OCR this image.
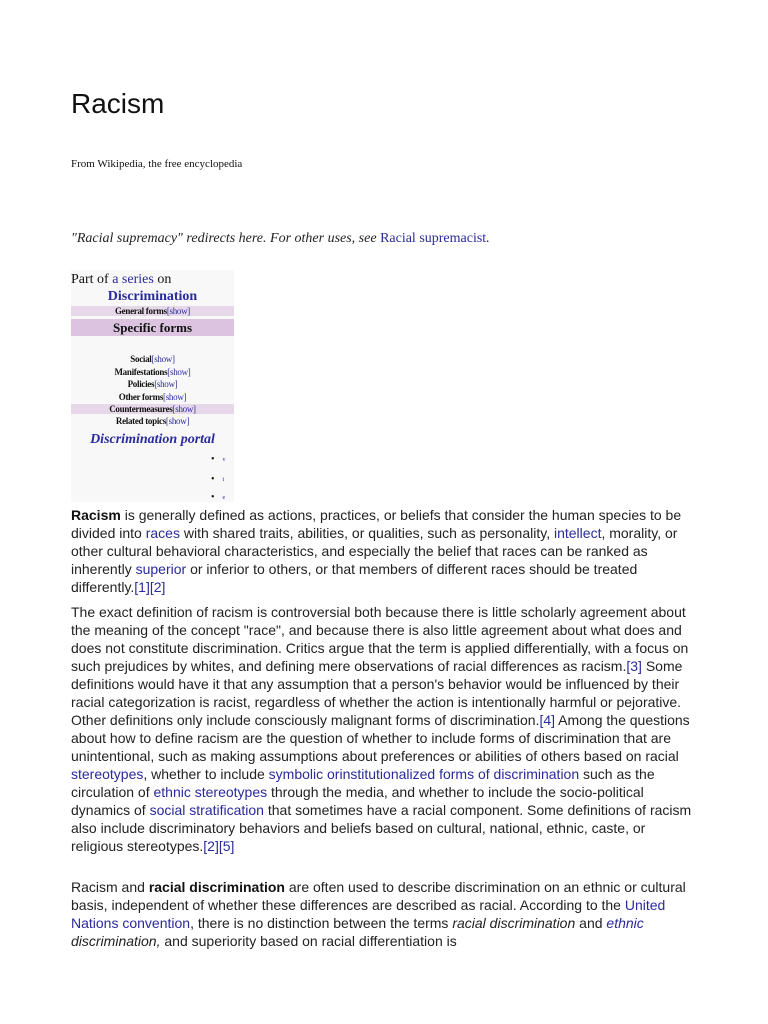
Racism
From Wikipedia, the free encyclopedia
"Racial supremacy" redirects here. For other uses, see Racial supremacist.
Part of a series on
Discrimination
General forms[show]
Specific forms
Social[show]
Manifestations[show]
Policies[show]
Other forms[show]
Countermeasures[show]
Related topics[show]
Discrimination portal
• v
• t
• e
Racism is generally defined as actions, practices, or beliefs that consider the human species to be divided into races with shared traits, abilities, or qualities, such as personality, intellect, morality, or other cultural behavioral characteristics, and especially the belief that races can be ranked as inherently superior or inferior to others, or that members of different races should be treated differently.[1][2]
The exact definition of racism is controversial both because there is little scholarly agreement about the meaning of the concept "race", and because there is also little agreement about what does and does not constitute discrimination. Critics argue that the term is applied differentially, with a focus on such prejudices by whites, and defining mere observations of racial differences as racism.[3] Some definitions would have it that any assumption that a person's behavior would be influenced by their racial categorization is racist, regardless of whether the action is intentionally harmful or pejorative. Other definitions only include consciously malignant forms of discrimination.[4] Among the questions about how to define racism are the question of whether to include forms of discrimination that are unintentional, such as making assumptions about preferences or abilities of others based on racial stereotypes, whether to include symbolic orinstitutionalized forms of discrimination such as the circulation of ethnic stereotypes through the media, and whether to include the socio-political dynamics of social stratification that sometimes have a racial component. Some definitions of racism also include discriminatory behaviors and beliefs based on cultural, national, ethnic, caste, or religious stereotypes.[2][5]
Racism and racial discrimination are often used to describe discrimination on an ethnic or cultural basis, independent of whether these differences are described as racial. According to the United Nations convention, there is no distinction between the terms racial discrimination and ethnic discrimination, and superiority based on racial differentiation is
